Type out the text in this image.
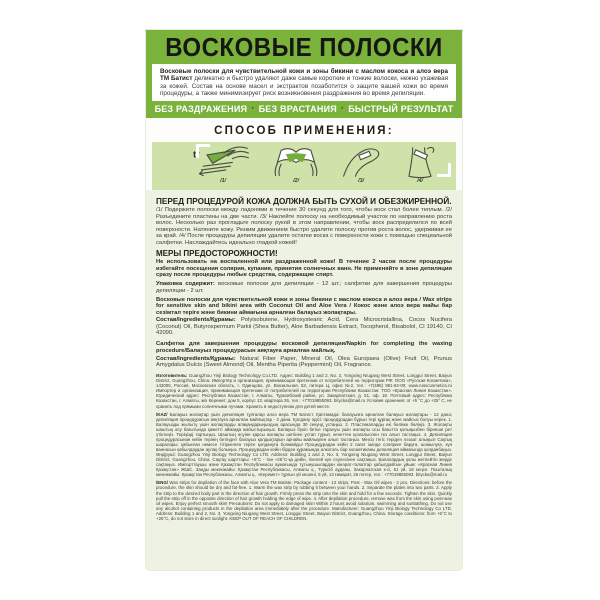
ВОСКОВЫЕ ПОЛОСКИ

Восковые полоски для чувствительной кожи и зоны бикини с маслом кокоса и алоэ вера ТМ Батист деликатно и быстро удаляют даже самые короткие и тонкие волоски, нежно ухаживая за кожей. Состав на основе масел и экстрактов позаботится о защите вашей кожи во время процедуры, а также минимизирует риск возникновения раздражения во время депиляции.

БЕЗ РАЗДРАЖЕНИЯ · БЕЗ ВРАСТАНИЯ · БЫСТРЫЙ РЕЗУЛЬТАТ
СПОСОБ ПРИМЕНЕНИЯ:
t°
/1/	/2/	/3/	/4/
ПЕРЕД ПРОЦЕДУРОЙ КОЖА ДОЛЖНА БЫТЬ СУХОЙ И ОБЕЗЖИРЕННОЙ.

/1/ Подержите полоски между ладонями в течение 30 секунд для того, чтобы воск стал более теплым. /2/ Разъедините пластины на две части. /3/ Наклейте полоску на необходимый участок по направлению роста волос. Несколько раз прогладьте полоску рукой в этом направлении, чтобы воск распределился по всей поверхности. Натяните кожу. Резким движением быстро удалите полоску против роста волос, удерживая ее за край. /4/ После процедуры депиляции удалите остатки воска с поверхности кожи с помощью специальной салфетки. Наслаждайтесь идеально гладкой кожей!

МЕРЫ ПРЕДОСТОРОЖНОСТИ!

Не использовать на воспаленной или раздраженной коже! В течение 2 часов после процедуры избегайте посещения солярия, купания, принятия солнечных ванн. Не применяйте в зоне депиляции сразу после процедуры любые средства, содержащие спирт.

Упаковка содержит: восковые полоски для депиляции - 12 шт.; салфетки для завершения процедуры депиляции - 2 шт.

Восковые полоски для чувствительной кожи и зоны бикини с маслом кокоса и алоэ вера / Wax strips for sensitive skin and bikini area with Coconut Oil and Aloe Vera / Кокос және алоэ вера майы бар сезімтал теріге және бикини аймағына арналған балауыз жолақтары.

Состав/Ingredients/Құрамы: Polyisobutene, Hydroxystearic Acid, Cera Microcristallina, Cocos Nucifera (Coconut) Oil, Butyrospermum Parkii (Shea Butter), Aloe Barbadensis Extract, Tocopherol, Bisabolol, CI 19140, CI 42090.

Салфетка для завершения процедуры восковой депиляции/Napkin for completing the waxing procedure/Балауыз процедурасын аяқтауға арналған майлық.

Состав/Ingredients/Құрамы: Natural Fiber Paper, Mineral Oil, Olea Europaea (Olive) Fruit Oil, Prunus Amygdalus Dulcis (Sweet Almond) Oil, Mentha Piperita (Peppermint) Oil, Fragrance.

Изготовитель: Guangzhou Yinji Biology Technology Co.LTD. Адрес: Building 1 and 2, No. 3, Yongxing Niugang West Street, Longgui Street, Baiyun District, Guangzhou, China. Импортёр и организация, принимающая претензии от потребителей на территории РФ: ООО «Русская Косметика», 143005, Россия, Московская область, г. Одинцово, ул. Вокзальная, 53, литера Ц, офис №2, тел.: +7(495) 981-82-00; www.russcosmetics.ru Импортер и организация, принимающая претензии от потребителей на территории Республики Казахстан: ТОО «Красная Линия Казахстан». Юридический адрес: Республика Казахстан, г. Алматы, Турксибский район, ул. Закарпатская, д. 51, оф. 18. Почтовый адрес: Республика Казахстан, г. Алматы, ж/к Керемет, дом 5, корпус 13, квартира 26, тел.: +77019855093. bitycka@mail.ru Условия хранения: от +5 °C до +25° C, не хранить под прямыми солнечными лучами. Хранить в недоступном для детей месте.

/KAZ/ Балауыз жолақтар үшін депиляция тұлғалар алоэ вера ТМ Батист. Қаптамада: балауызға арналған балауыз жолақтары - 12 дана; депиляция процедурасын аяқтауға арналған майлықтар - 2 дана. Қолдану әдісі: процедурадан бұрын тері құрғақ және майсыз болуы керек. 1. Балауызды жылыту үшін жолақтарды алақандарыңыздың арасында 30 секунд ұстаңыз. 2. Пластиналарды екі бөлікке бөліңіз. 3. Жолақты шаштың өсу бағытында қажетті аймаққа жабыстырыңыз. Балауыз бүкіл бетке таралуы үшін жолақты осы бағытта қолыңызбен бірнеше рет үтіктеңіз. Теріңізді тартыңыз. Шаштың өсуіне қарсы жолақты шетінен ұстап тұрып, кенеттен қозғалыспен тез алып тастаңыз. 4. Депиляция процедурасынан кейін терінің бетіндегі балауыз қалдықтарын арнайы майлықпен алып тастаңыз. Мінсіз тегіс теріден ләззат алыңыз! Сақтық шаралары: қабынған немесе тітіркенген теріге қолдануға болмайды! Процедурадан кейін 2 сағат ішінде соляриге баруға, шомылуға, күн ваннасын қабылдаудан аулақ болыңыз. Процедурадан кейін бірден құрамында алкоголь бар косметиканы депиляция аймағында қолданбаңыз. Өндіруші: Guangzhou Yinji Biology Technology Co LTD. Address: Building 1 and 2, No. 3, Yongxing Niugang West Street, Longgui Street, Baiyun District, Guangzhou, China. Сақтау шарттары: +5°C - тан +25°C-қа дейін, тікелей күн сәулесінен сақтаңыз. Балалардың қолы жетпейтін жерде сақтаңыз. Импорттаушы және Қазақстан Республикасы аумағында тұтынушылардан кінәрат-талаптар қабылдайтын ұйым: «Красная Линия Қазақстан» ЖШС. Заңды мекенжайы: Қазақстан Республикасы, Алматы қ., Түрксіб ауданы, Закарпатская к-сі, 51 үй, 18 кеңсе. Пошталық мекенжайы: Қазақстан Республикасы, Алматы қ., «Керемет» тұрғын үй кешені, 5 үй, 13 ғимарат, 26 пәтер, тел.: +77019855093. bitycka@mail.ru

/ENG/ Wax strips for depilation of the face with Aloe Vera TM Batiste. Package content - 12 strips; Post - Wax Oil wipes - 2 pcs. Directions: before the procedure, the skin should be dry and fat-free. 1. Warm the wax strip by rubbing it between your hands. 2. Separate the plates into two parts. 3. Apply the strip to the desired body part in the direction of hair growth. Firmly press the strip onto the skin and hold for a few seconds. Tighten the skin. Quickly pull the strip off in the opposite direction of hair growth holding the edge of wipe. 4. After depilation procedure, remove wax from the skin using post-wax oil wipes. Enjoy perfect smooth skin! Precautions: Do not apply to damaged skin! Within 2 hours avoid solarium, swimming and sunbathing. Do not use any alcohol containing products in the depilation area immediately after the procedure. Manufacturer: Guangzhou Yinji Biology Technology Co LTD. Address: Building 1 and 2, No. 3, Yongxing Niugang West Street, Longgui Street, Baiyun District, Guangzhou, China. Storage conditions: from +5°C to +25°C, do not store in direct sunlight. KEEP OUT OF REACH OF CHILDREN.
